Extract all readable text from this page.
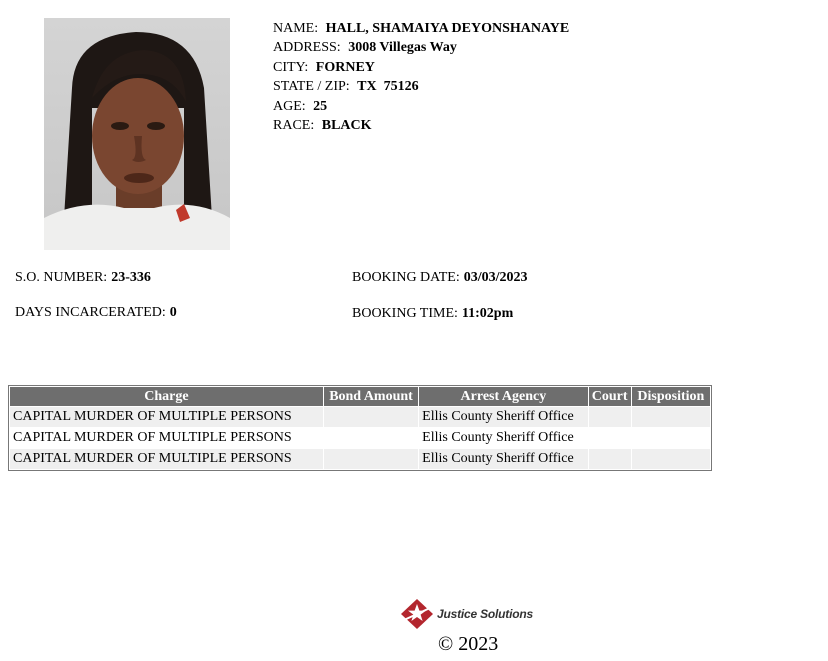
NAME: HALL, SHAMAIYA DEYONSHANAYE
ADDRESS: 3008 Villegas Way
CITY: FORNEY
STATE / ZIP: TX  75126
AGE: 25
RACE: BLACK
S.O. NUMBER: 23-336	BOOKING DATE: 03/03/2023
DAYS INCARCERATED: 0	BOOKING TIME: 11:02pm
Charge	Bond Amount	Arrest Agency	Court	Disposition
CAPITAL MURDER OF MULTIPLE PERSONS		Ellis County Sheriff Office		
CAPITAL MURDER OF MULTIPLE PERSONS		Ellis County Sheriff Office		
CAPITAL MURDER OF MULTIPLE PERSONS		Ellis County Sheriff Office		
Justice Solutions
© 2023
